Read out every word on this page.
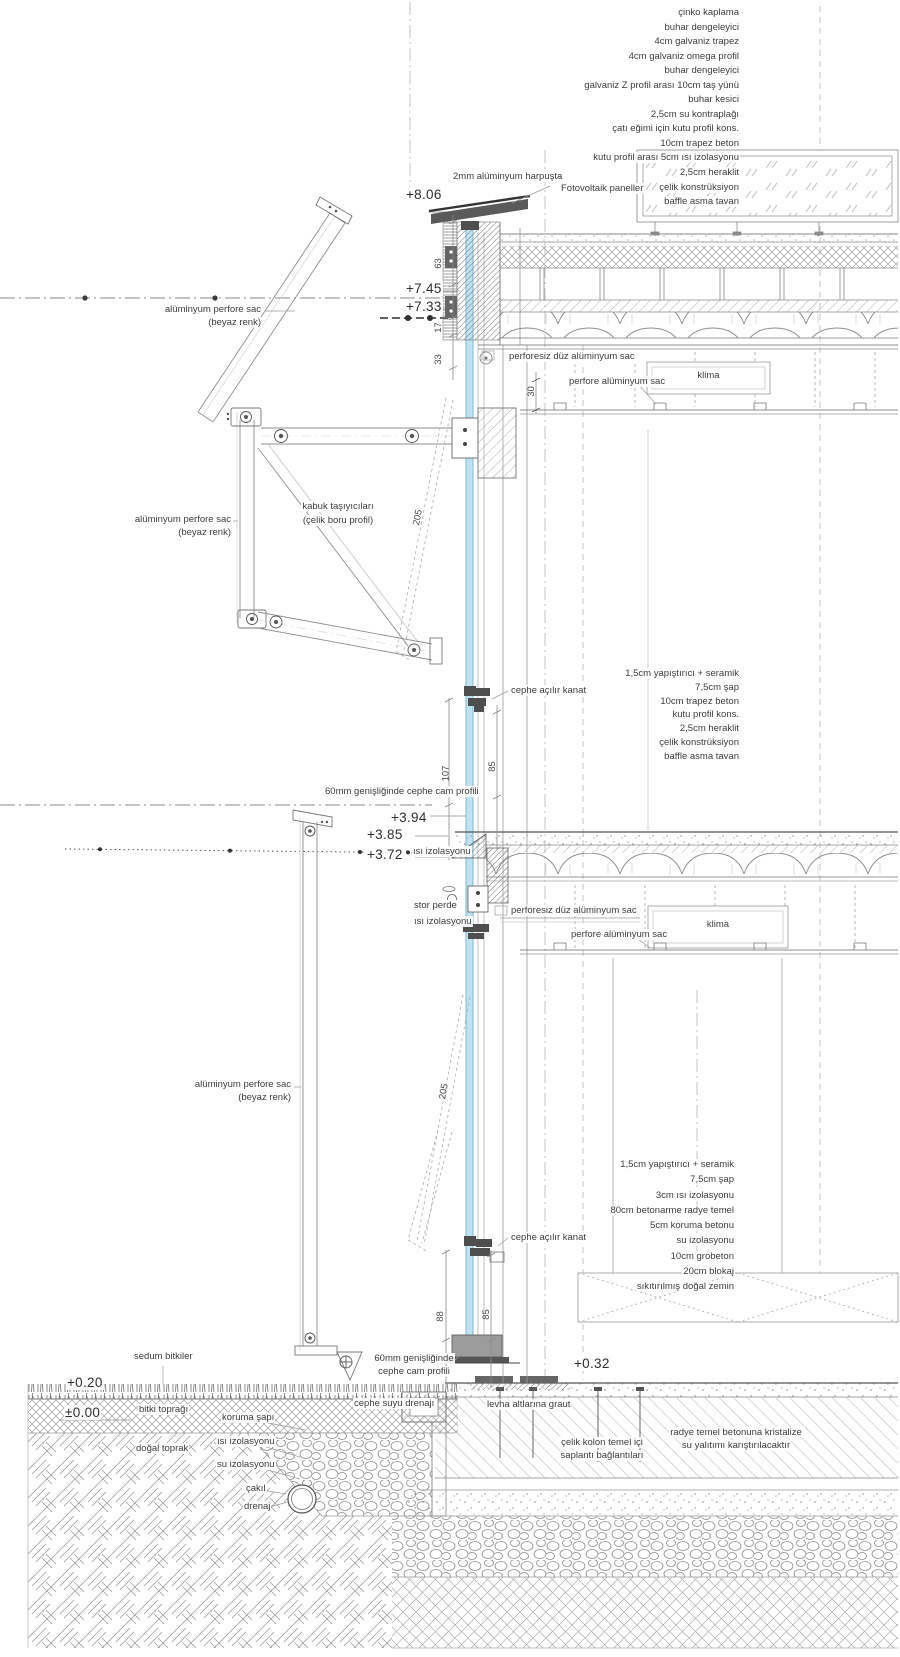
çinko kaplama
buhar dengeleyici
4cm galvaniz trapez
4cm galvaniz omega profil
buhar dengeleyici
galvaniz Z profil arası 10cm taş yünü
buhar kesici
2,5cm su kontraplağı
çatı eğimi için kutu profil kons.
10cm trapez beton
kutu profil arası 5cm ısı izolasyonu
2,5cm heraklit
çelik konstrüksiyon
baffle asma tavan
2mm alüminyum harpuşta
Fotovoltaik paneller
+8.06
+7.45
+7.33
alüminyum perfore sac
(beyaz renk)
kabuk taşıyıcıları
(çelik boru profil)
alüminyum perfore sac
(beyaz renk)
perforesiz düz alüminyum sac
perfore alüminyum sac
klima
63
17
33
30
205
107	85
205
88	85
cephe açılır kanat
1,5cm yapıştırıcı + seramik
7,5cm şap
10cm trapez beton
kutu profil kons.
2,5cm heraklit
çelik konstrüksiyon
baffle asma tavan
60mm genişliğinde cephe cam profili
+3.94
+3.85
+3.72 ısı izolasyonu
stor perde
ısı izolasyonu
perforesiz düz alüminyum sac
perfore alüminyum sac
klima
alüminyum perfore sac
(beyaz renk)
cephe açılır kanat
1,5cm yapıştırıcı + seramik
7,5cm şap
3cm ısı izolasyonu
80cm betonarme radye temel
5cm koruma betonu
su izolasyonu
10cm grobeton
20cm blokaj
sıkıtırılmış doğal zemin
+0.32
sedum bitkiler	60mm genişliğinde
cephe cam profili
+0.20
±0.00	bitki toprağı
koruma şapı
cephe suyu drenajı	levha altlarına graut
doğal toprak
ısı izolasyonu
su izolasyonu
çakıl
drenaj
çelik kolon temel içi
saplantı bağlantıları
radye temel betonuna kristalize
su yalıtımı karıştırılacaktır
